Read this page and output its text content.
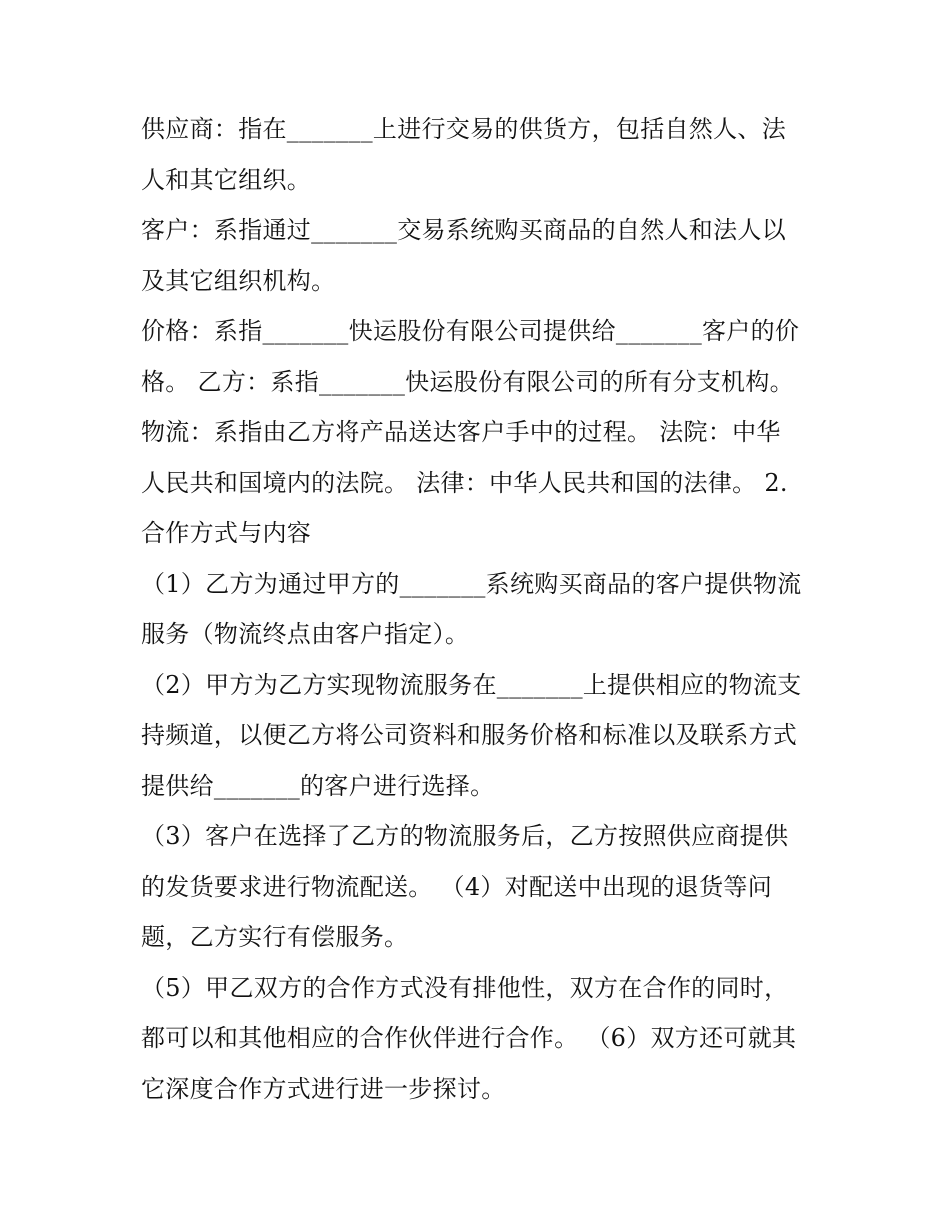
供应商：指在_______上进行交易的供货方，包括自然人、法
人和其它组织。
客户：系指通过_______交易系统购买商品的自然人和法人以
及其它组织机构。
价格：系指_______快运股份有限公司提供给_______客户的价
格。 乙方：系指_______快运股份有限公司的所有分支机构。
物流：系指由乙方将产品送达客户手中的过程。 法院：中华
人民共和国境内的法院。 法律：中华人民共和国的法律。 2.
合作方式与内容
（1）乙方为通过甲方的_______系统购买商品的客户提供物流
服务（物流终点由客户指定）。
（2）甲方为乙方实现物流服务在_______上提供相应的物流支
持频道，以便乙方将公司资料和服务价格和标准以及联系方式
提供给_______的客户进行选择。
（3）客户在选择了乙方的物流服务后，乙方按照供应商提供
的发货要求进行物流配送。 （4）对配送中出现的退货等问
题，乙方实行有偿服务。
（5）甲乙双方的合作方式没有排他性，双方在合作的同时，
都可以和其他相应的合作伙伴进行合作。 （6）双方还可就其
它深度合作方式进行进一步探讨。
